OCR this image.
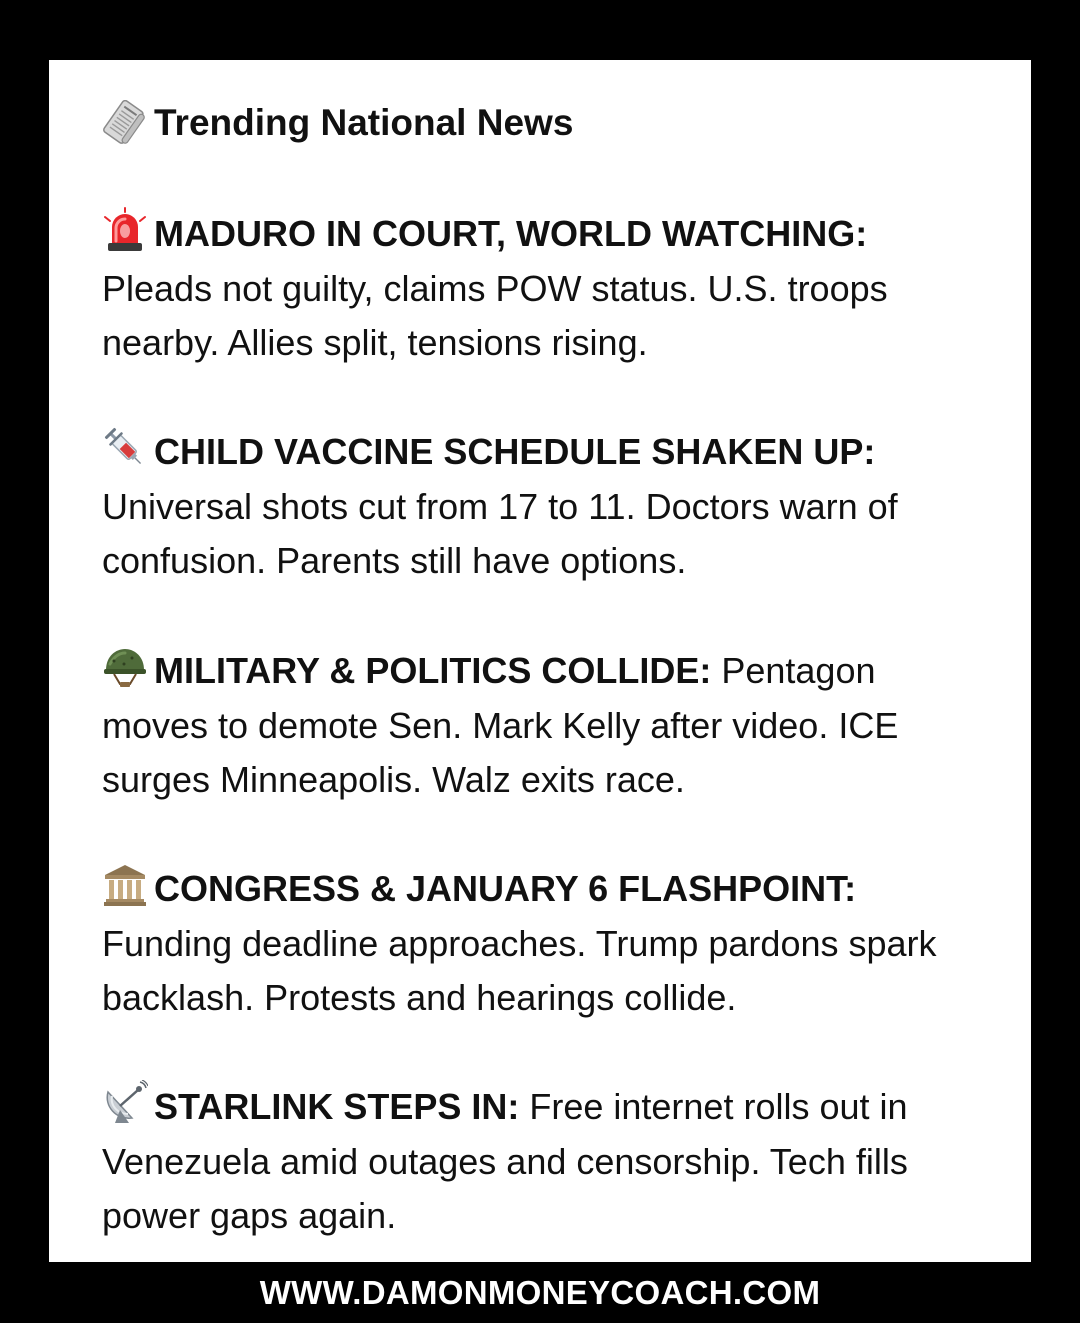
Trending National News
MADURO IN COURT, WORLD WATCHING: Pleads not guilty, claims POW status. U.S. troops nearby. Allies split, tensions rising.
CHILD VACCINE SCHEDULE SHAKEN UP: Universal shots cut from 17 to 11. Doctors warn of confusion. Parents still have options.
MILITARY & POLITICS COLLIDE: Pentagon moves to demote Sen. Mark Kelly after video. ICE surges Minneapolis. Walz exits race.
CONGRESS & JANUARY 6 FLASHPOINT: Funding deadline approaches. Trump pardons spark backlash. Protests and hearings collide.
STARLINK STEPS IN: Free internet rolls out in Venezuela amid outages and censorship. Tech fills power gaps again.
WWW.DAMONMONEYCOACH.COM
